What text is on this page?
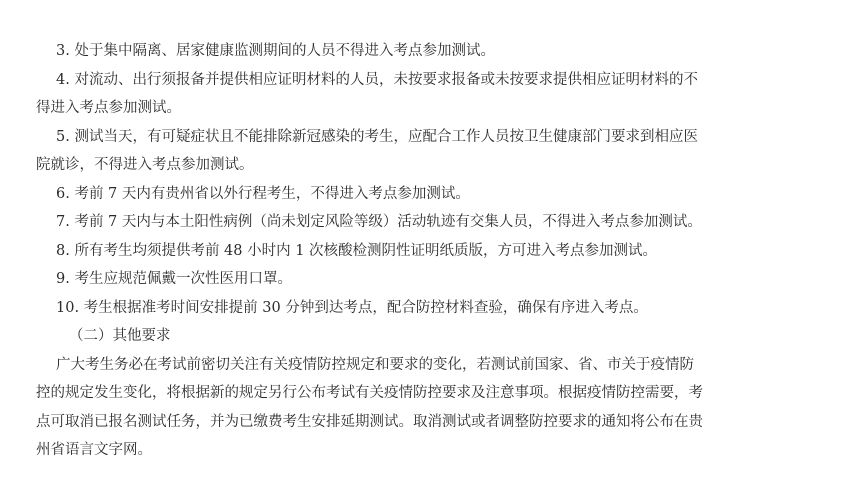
3. 处于集中隔离、居家健康监测期间的人员不得进入考点参加测试。

4. 对流动、出行须报备并提供相应证明材料的人员，未按要求报备或未按要求提供相应证明材料的不
得进入考点参加测试。

5. 测试当天，有可疑症状且不能排除新冠感染的考生，应配合工作人员按卫生健康部门要求到相应医
院就诊，不得进入考点参加测试。

6. 考前 7 天内有贵州省以外行程考生，不得进入考点参加测试。

7. 考前 7 天内与本土阳性病例（尚未划定风险等级）活动轨迹有交集人员，不得进入考点参加测试。

8. 所有考生均须提供考前 48 小时内 1 次核酸检测阴性证明纸质版，方可进入考点参加测试。

9. 考生应规范佩戴一次性医用口罩。

10. 考生根据准考时间安排提前 30 分钟到达考点，配合防控材料查验，确保有序进入考点。

（二）其他要求

广大考生务必在考试前密切关注有关疫情防控规定和要求的变化，若测试前国家、省、市关于疫情防
控的规定发生变化，将根据新的规定另行公布考试有关疫情防控要求及注意事项。根据疫情防控需要，考
点可取消已报名测试任务，并为已缴费考生安排延期测试。取消测试或者调整防控要求的通知将公布在贵
州省语言文字网。
